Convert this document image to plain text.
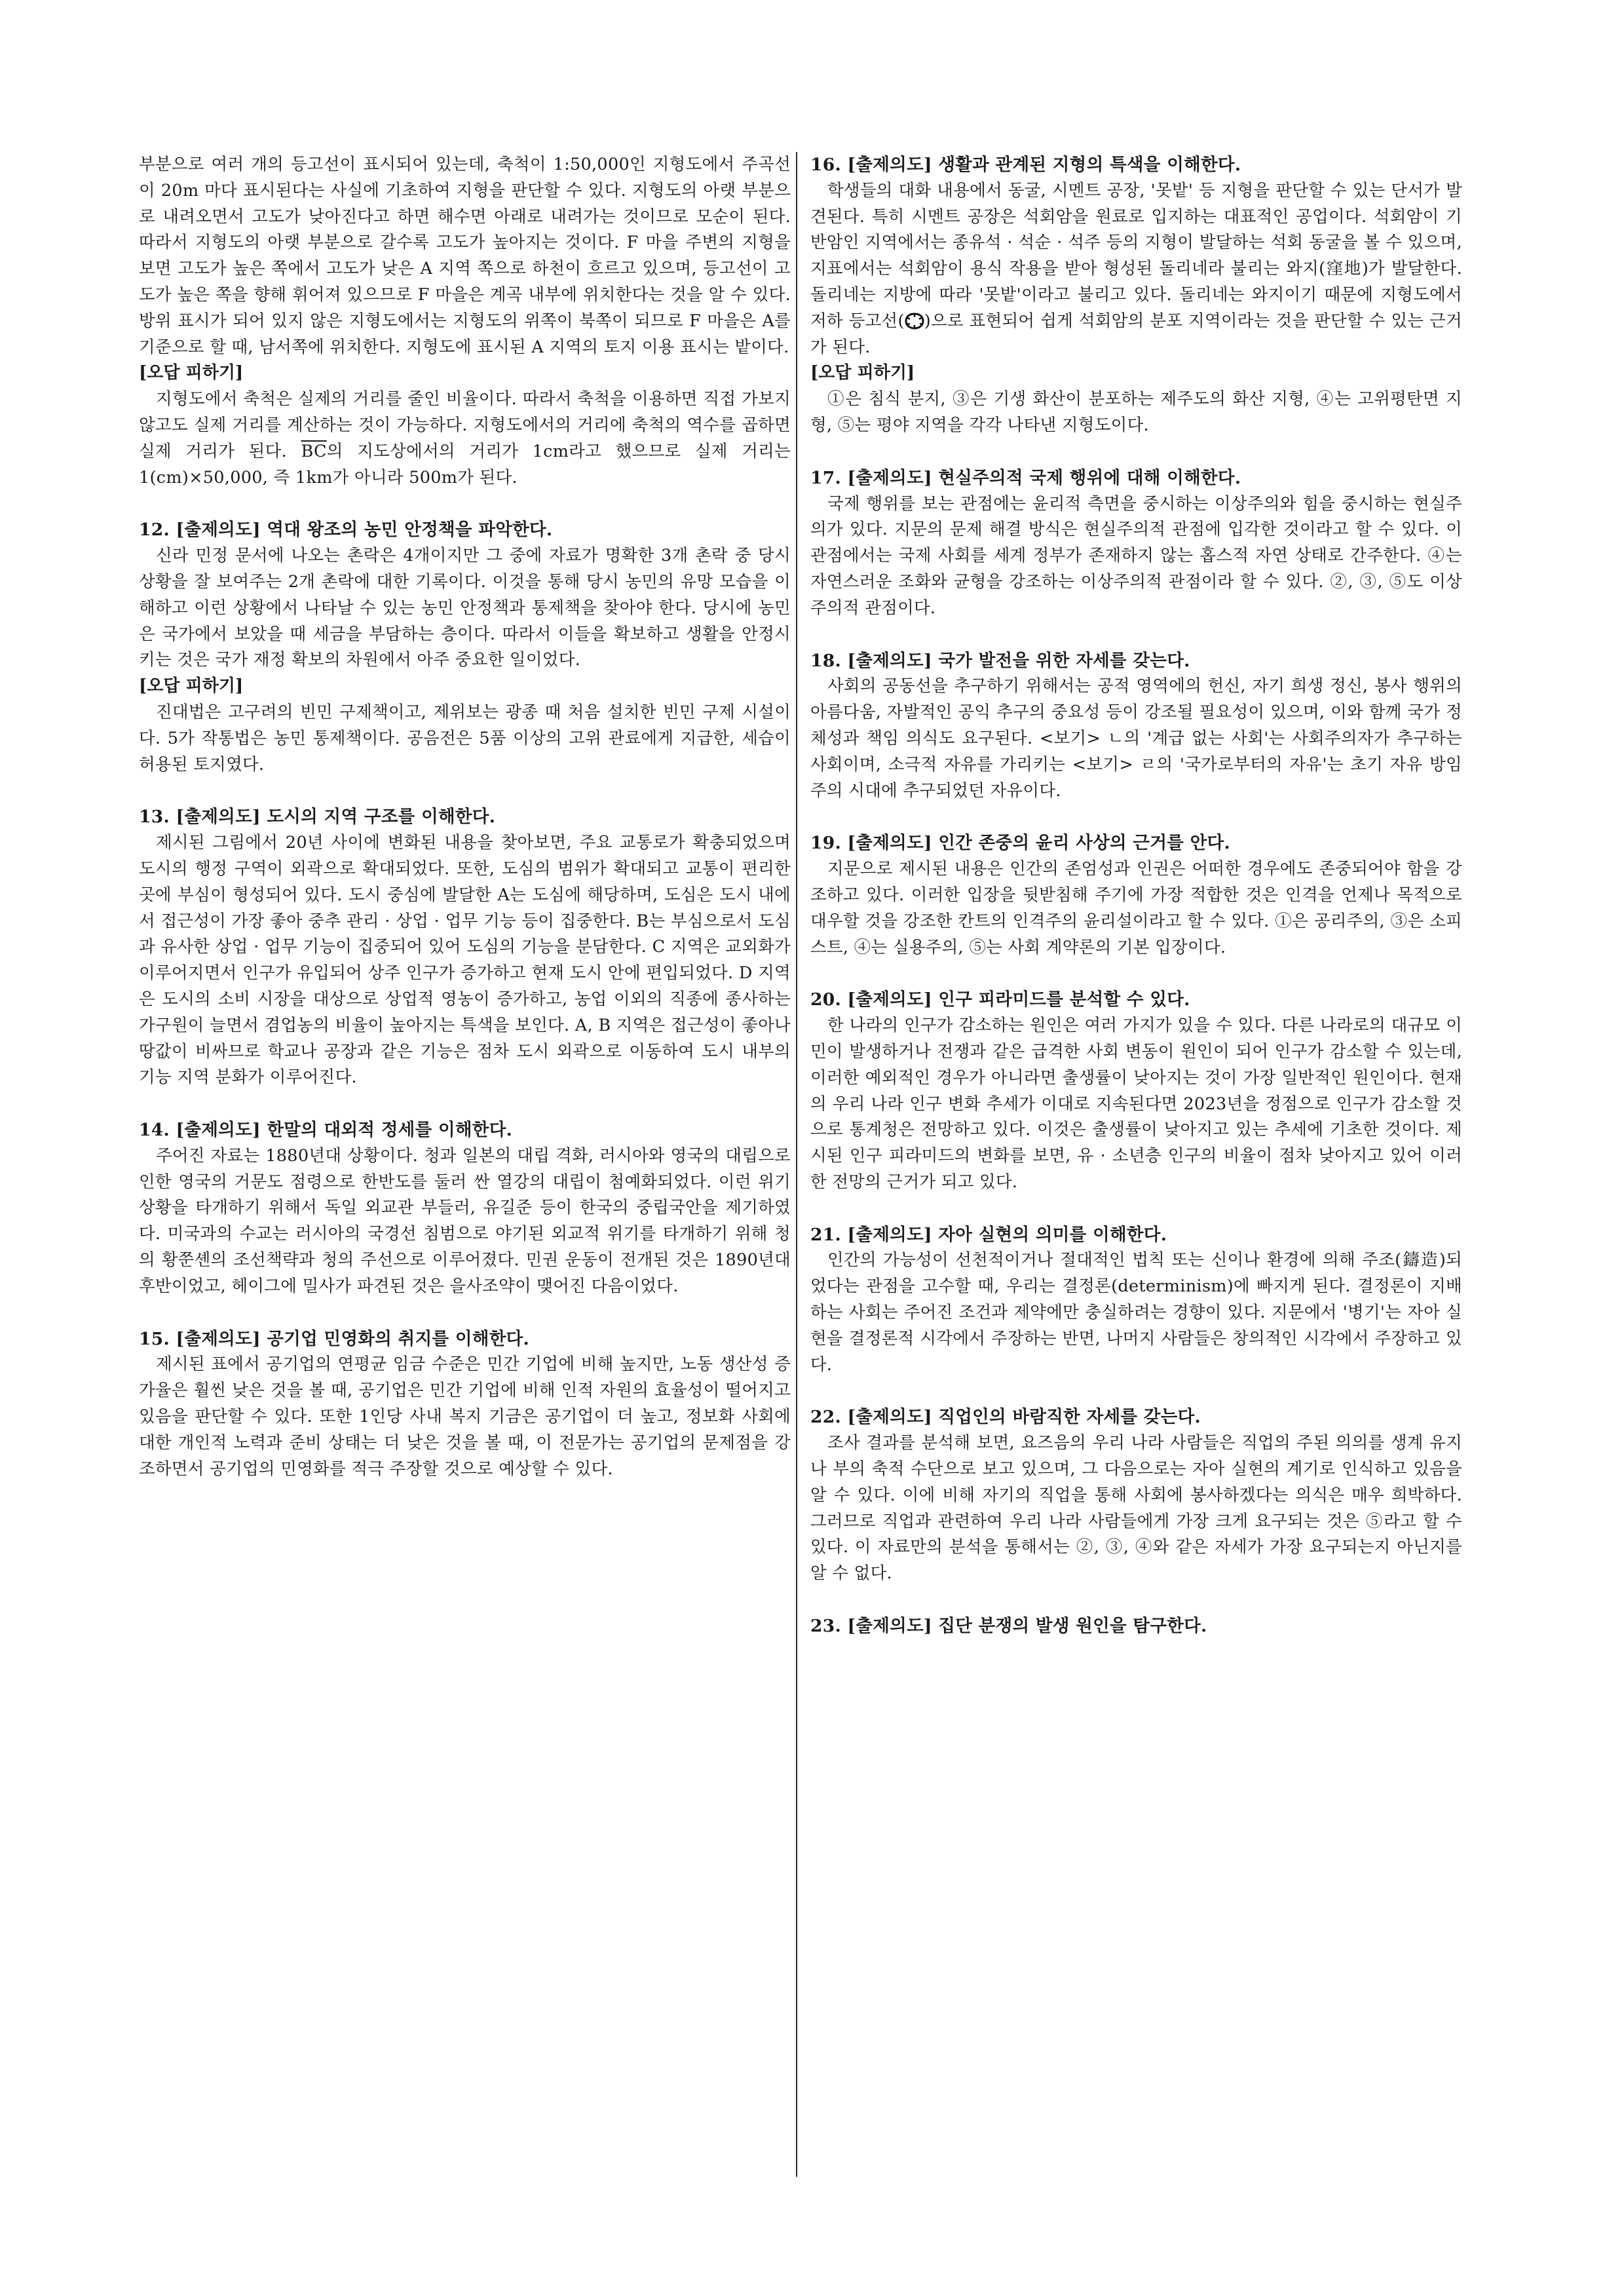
부분으로 여러 개의 등고선이 표시되어 있는데, 축척이 1:50,000인 지형도에서 주곡선이 20m 마다 표시된다는 사실에 기초하여 지형을 판단할 수 있다. 지형도의 아랫 부분으로 내려오면서 고도가 낮아진다고 하면 해수면 아래로 내려가는 것이므로 모순이 된다. 따라서 지형도의 아랫 부분으로 갈수록 고도가 높아지는 것이다. F 마을 주변의 지형을 보면 고도가 높은 쪽에서 고도가 낮은 A 지역 쪽으로 하천이 흐르고 있으며, 등고선이 고도가 높은 쪽을 향해 휘어져 있으므로 F 마을은 계곡 내부에 위치한다는 것을 알 수 있다. 방위 표시가 되어 있지 않은 지형도에서는 지형도의 위쪽이 북쪽이 되므로 F 마을은 A를 기준으로 할 때, 남서쪽에 위치한다. 지형도에 표시된 A 지역의 토지 이용 표시는 밭이다.

[오답 피하기]

지형도에서 축척은 실제의 거리를 줄인 비율이다. 따라서 축척을 이용하면 직접 가보지 않고도 실제 거리를 계산하는 것이 가능하다. 지형도에서의 거리에 축척의 역수를 곱하면 실제 거리가 된다. $\overline{BC}$의 지도상에서의 거리가 1cm라고 했으므로 실제 거리는 1(cm)×50,000, 즉 1km가 아니라 500m가 된다.

12. [출제의도] 역대 왕조의 농민 안정책을 파악한다.

신라 민정 문서에 나오는 촌락은 4개이지만 그 중에 자료가 명확한 3개 촌락 중 당시 상황을 잘 보여주는 2개 촌락에 대한 기록이다. 이것을 통해 당시 농민의 유망 모습을 이해하고 이런 상황에서 나타날 수 있는 농민 안정책과 통제책을 찾아야 한다. 당시에 농민은 국가에서 보았을 때 세금을 부담하는 층이다. 따라서 이들을 확보하고 생활을 안정시키는 것은 국가 재정 확보의 차원에서 아주 중요한 일이었다.

[오답 피하기]

진대법은 고구려의 빈민 구제책이고, 제위보는 광종 때 처음 설치한 빈민 구제 시설이다. 5가 작통법은 농민 통제책이다. 공음전은 5품 이상의 고위 관료에게 지급한, 세습이 허용된 토지였다.

13. [출제의도] 도시의 지역 구조를 이해한다.

제시된 그림에서 20년 사이에 변화된 내용을 찾아보면, 주요 교통로가 확충되었으며 도시의 행정 구역이 외곽으로 확대되었다. 또한, 도심의 범위가 확대되고 교통이 편리한 곳에 부심이 형성되어 있다. 도시 중심에 발달한 A는 도심에 해당하며, 도심은 도시 내에서 접근성이 가장 좋아 중추 관리 · 상업 · 업무 기능 등이 집중한다. B는 부심으로서 도심과 유사한 상업 · 업무 기능이 집중되어 있어 도심의 기능을 분담한다. C 지역은 교외화가 이루어지면서 인구가 유입되어 상주 인구가 증가하고 현재 도시 안에 편입되었다. D 지역은 도시의 소비 시장을 대상으로 상업적 영농이 증가하고, 농업 이외의 직종에 종사하는 가구원이 늘면서 겸업농의 비율이 높아지는 특색을 보인다. A, B 지역은 접근성이 좋아나 땅값이 비싸므로 학교나 공장과 같은 기능은 점차 도시 외곽으로 이동하여 도시 내부의 기능 지역 분화가 이루어진다.

14. [출제의도] 한말의 대외적 정세를 이해한다.

주어진 자료는 1880년대 상황이다. 청과 일본의 대립 격화, 러시아와 영국의 대립으로 인한 영국의 거문도 점령으로 한반도를 둘러 싼 열강의 대립이 첨예화되었다. 이런 위기 상황을 타개하기 위해서 독일 외교관 부들러, 유길준 등이 한국의 중립국안을 제기하였다. 미국과의 수교는 러시아의 국경선 침범으로 야기된 외교적 위기를 타개하기 위해 청의 황쭌셴의 조선책략과 청의 주선으로 이루어졌다. 민권 운동이 전개된 것은 1890년대 후반이었고, 헤이그에 밀사가 파견된 것은 을사조약이 맺어진 다음이었다.

15. [출제의도] 공기업 민영화의 취지를 이해한다.

제시된 표에서 공기업의 연평균 임금 수준은 민간 기업에 비해 높지만, 노동 생산성 증가율은 훨씬 낮은 것을 볼 때, 공기업은 민간 기업에 비해 인적 자원의 효율성이 떨어지고 있음을 판단할 수 있다. 또한 1인당 사내 복지 기금은 공기업이 더 높고, 정보화 사회에 대한 개인적 노력과 준비 상태는 더 낮은 것을 볼 때, 이 전문가는 공기업의 문제점을 강조하면서 공기업의 민영화를 적극 주장할 것으로 예상할 수 있다.

16. [출제의도] 생활과 관계된 지형의 특색을 이해한다.

학생들의 대화 내용에서 동굴, 시멘트 공장, '못밭' 등 지형을 판단할 수 있는 단서가 발견된다. 특히 시멘트 공장은 석회암을 원료로 입지하는 대표적인 공업이다. 석회암이 기반암인 지역에서는 종유석 · 석순 · 석주 등의 지형이 발달하는 석회 동굴을 볼 수 있으며, 지표에서는 석회암이 용식 작용을 받아 형성된 돌리네라 불리는 와지(窪地)가 발달한다. 돌리네는 지방에 따라 '못밭'이라고 불리고 있다. 돌리네는 와지이기 때문에 지형도에서 저하 등고선( )으로 표현되어 쉽게 석회암의 분포 지역이라는 것을 판단할 수 있는 근거가 된다.

[오답 피하기]

①은 침식 분지, ③은 기생 화산이 분포하는 제주도의 화산 지형, ④는 고위평탄면 지형, ⑤는 평야 지역을 각각 나타낸 지형도이다.

17. [출제의도] 현실주의적 국제 행위에 대해 이해한다.

국제 행위를 보는 관점에는 윤리적 측면을 중시하는 이상주의와 힘을 중시하는 현실주의가 있다. 지문의 문제 해결 방식은 현실주의적 관점에 입각한 것이라고 할 수 있다. 이 관점에서는 국제 사회를 세계 정부가 존재하지 않는 홉스적 자연 상태로 간주한다. ④는 자연스러운 조화와 균형을 강조하는 이상주의적 관점이라 할 수 있다. ②, ③, ⑤도 이상주의적 관점이다.

18. [출제의도] 국가 발전을 위한 자세를 갖는다.

사회의 공동선을 추구하기 위해서는 공적 영역에의 헌신, 자기 희생 정신, 봉사 행위의 아름다움, 자발적인 공익 추구의 중요성 등이 강조될 필요성이 있으며, 이와 함께 국가 정체성과 책임 의식도 요구된다. <보기> ㄴ의 '계급 없는 사회'는 사회주의자가 추구하는 사회이며, 소극적 자유를 가리키는 <보기> ㄹ의 '국가로부터의 자유'는 초기 자유 방임주의 시대에 추구되었던 자유이다.

19. [출제의도] 인간 존중의 윤리 사상의 근거를 안다.

지문으로 제시된 내용은 인간의 존엄성과 인권은 어떠한 경우에도 존중되어야 함을 강조하고 있다. 이러한 입장을 뒷받침해 주기에 가장 적합한 것은 인격을 언제나 목적으로 대우할 것을 강조한 칸트의 인격주의 윤리설이라고 할 수 있다. ①은 공리주의, ③은 소피스트, ④는 실용주의, ⑤는 사회 계약론의 기본 입장이다.

20. [출제의도] 인구 피라미드를 분석할 수 있다.

한 나라의 인구가 감소하는 원인은 여러 가지가 있을 수 있다. 다른 나라로의 대규모 이민이 발생하거나 전쟁과 같은 급격한 사회 변동이 원인이 되어 인구가 감소할 수 있는데, 이러한 예외적인 경우가 아니라면 출생률이 낮아지는 것이 가장 일반적인 원인이다. 현재의 우리 나라 인구 변화 추세가 이대로 지속된다면 2023년을 정점으로 인구가 감소할 것으로 통계청은 전망하고 있다. 이것은 출생률이 낮아지고 있는 추세에 기초한 것이다. 제시된 인구 피라미드의 변화를 보면, 유 · 소년층 인구의 비율이 점차 낮아지고 있어 이러한 전망의 근거가 되고 있다.

21. [출제의도] 자아 실현의 의미를 이해한다.

인간의 가능성이 선천적이거나 절대적인 법칙 또는 신이나 환경에 의해 주조(鑄造)되었다는 관점을 고수할 때, 우리는 결정론(determinism)에 빠지게 된다. 결정론이 지배하는 사회는 주어진 조건과 제약에만 충실하려는 경향이 있다. 지문에서 '병기'는 자아 실현을 결정론적 시각에서 주장하는 반면, 나머지 사람들은 창의적인 시각에서 주장하고 있다.

22. [출제의도] 직업인의 바람직한 자세를 갖는다.

조사 결과를 분석해 보면, 요즈음의 우리 나라 사람들은 직업의 주된 의의를 생계 유지나 부의 축적 수단으로 보고 있으며, 그 다음으로는 자아 실현의 계기로 인식하고 있음을 알 수 있다. 이에 비해 자기의 직업을 통해 사회에 봉사하겠다는 의식은 매우 희박하다. 그러므로 직업과 관련하여 우리 나라 사람들에게 가장 크게 요구되는 것은 ⑤라고 할 수 있다. 이 자료만의 분석을 통해서는 ②, ③, ④와 같은 자세가 가장 요구되는지 아닌지를 알 수 없다.

23. [출제의도] 집단 분쟁의 발생 원인을 탐구한다.
